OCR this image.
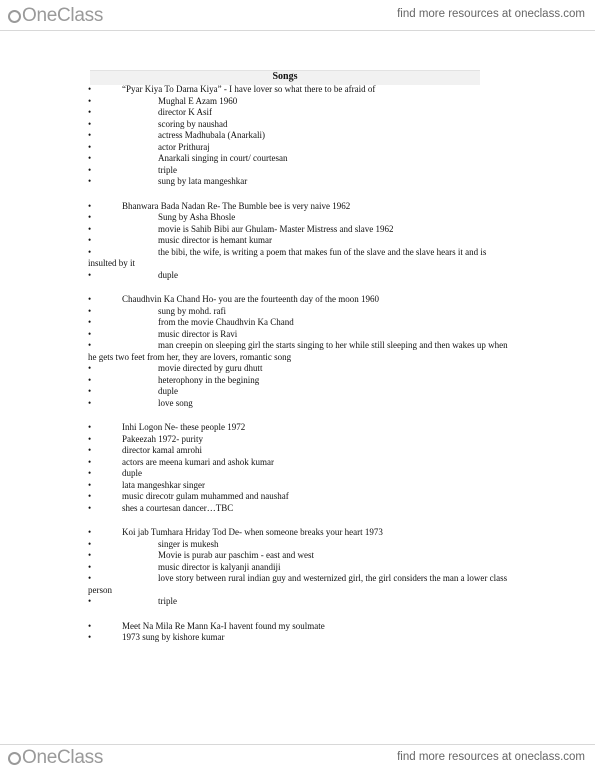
OneClass	find more resources at oneclass.com
Songs
•	“Pyar Kiya To Darna Kiya” - I have lover so what there to be afraid of
•	Mughal E Azam 1960
•	director K Asif
•	scoring by naushad
•	actress Madhubala (Anarkali)
•	actor Prithuraj
•	Anarkali singing in court/ courtesan
•	triple
•	sung by lata mangeshkar
•	Bhanwara Bada Nadan Re- The Bumble bee is very naive 1962
•	Sung by Asha Bhosle
•	movie is Sahib Bibi aur Ghulam- Master Mistress and slave 1962
•	music director is hemant kumar
•	the bibi, the wife, is writing a poem that makes fun of the slave and the slave hears it and is insulted by it
•	duple
•	Chaudhvin Ka Chand Ho- you are the fourteenth day of the moon 1960
•	sung by mohd. rafi
•	from the movie Chaudhvin Ka Chand
•	music director is Ravi
•	man creepin on sleeping girl the starts singing to her while still sleeping and then wakes up when he gets two feet from her, they are lovers, romantic song
•	movie directed by guru dhutt
•	heterophony in the begining
•	duple
•	love song
•	Inhi Logon Ne- these people 1972
•	Pakeezah 1972- purity
•	director kamal amrohi
•	actors are meena kumari and ashok kumar
•	duple
•	lata mangeshkar singer
•	music direcotr gulam muhammed and naushaf
•	shes a courtesan dancer…TBC
•	Koi jab Tumhara Hriday Tod De- when someone breaks your heart 1973
•	singer is mukesh
•	Movie is purab aur paschim - east and west
•	music director is kalyanji anandiji
•	love story between rural indian guy and westernized girl, the girl considers the man a lower class person
•	triple
•	Meet Na Mila Re Mann Ka-I havent found my soulmate
•	1973 sung by kishore kumar
OneClass	find more resources at oneclass.com
